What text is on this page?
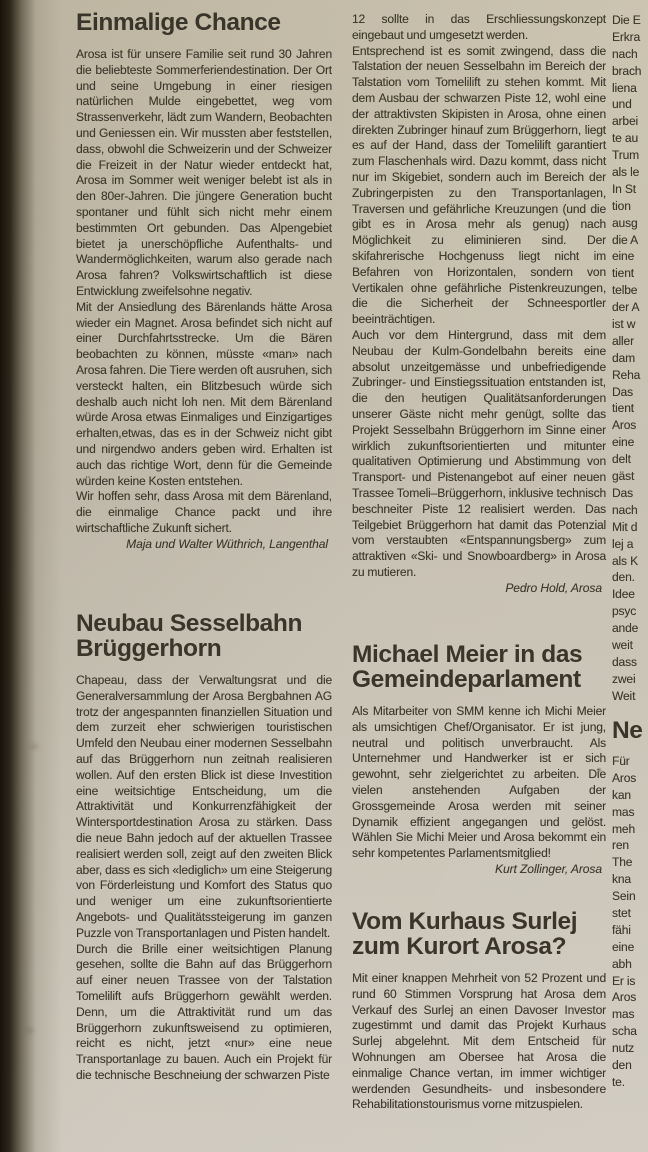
Einmalige Chance

Arosa ist für unsere Familie seit rund 30 Jahren die beliebteste Sommerferiendestination. Der Ort und seine Umgebung in einer riesigen natürlichen Mulde eingebettet, weg vom Strassenverkehr, lädt zum Wandern, Beobachten und Geniessen ein. Wir mussten aber feststellen, dass, obwohl die Schweizerin und der Schweizer die Freizeit in der Natur wieder entdeckt hat, Arosa im Sommer weit weniger belebt ist als in den 80er-Jahren. Die jüngere Generation bucht spontaner und fühlt sich nicht mehr einem bestimmten Ort gebunden. Das Alpengebiet bietet ja unerschöpfliche Aufenthalts- und Wandermöglichkeiten, warum also gerade nach Arosa fahren? Volkswirtschaftlich ist diese Entwicklung zweifelsohne negativ.

Mit der Ansiedlung des Bärenlands hätte Arosa wieder ein Magnet. Arosa befindet sich nicht auf einer Durchfahrtsstrecke. Um die Bären beobachten zu können, müsste «man» nach Arosa fahren. Die Tiere werden oft ausruhen, sich versteckt halten, ein Blitzbesuch würde sich deshalb auch nicht loh nen. Mit dem Bärenland würde Arosa etwas Einmaliges und Einzigartiges erhalten,etwas, das es in der Schweiz nicht gibt und nirgendwo anders geben wird. Erhalten ist auch das richtige Wort, denn für die Gemeinde würden keine Kosten entstehen.

Wir hoffen sehr, dass Arosa mit dem Bärenland, die einmalige Chance packt und ihre wirtschaftliche Zukunft sichert.

Maja und Walter Wüthrich, Langenthal

Neubau Sesselbahn Brüggerhorn

Chapeau, dass der Verwaltungsrat und die Generalversammlung der Arosa Bergbahnen AG trotz der angespannten finanziellen Situation und dem zurzeit eher schwierigen touristischen Umfeld den Neubau einer modernen Sesselbahn auf das Brüggerhorn nun zeitnah realisieren wollen. Auf den ersten Blick ist diese Investition eine weitsichtige Entscheidung, um die Attraktivität und Konkurrenzfähigkeit der Wintersportdestination Arosa zu stärken. Dass die neue Bahn jedoch auf der aktuellen Trassee realisiert werden soll, zeigt auf den zweiten Blick aber, dass es sich «lediglich» um eine Steigerung von Förderleistung und Komfort des Status quo und weniger um eine zukunftsorientierte Angebots- und Qualitätssteigerung im ganzen Puzzle von Transportanlagen und Pisten handelt.

Durch die Brille einer weitsichtigen Planung gesehen, sollte die Bahn auf das Brüggerhorn auf einer neuen Trassee von der Talstation Tomelilift aufs Brüggerhorn gewählt werden. Denn, um die Attraktivität rund um das Brüggerhorn zukunftsweisend zu optimieren, reicht es nicht, jetzt «nur» eine neue Transportanlage zu bauen. Auch ein Projekt für die technische Beschneiung der schwarzen Piste

12 sollte in das Erschliessungskonzept eingebaut und umgesetzt werden.

Entsprechend ist es somit zwingend, dass die Talstation der neuen Sesselbahn im Bereich der Talstation vom Tomelilift zu stehen kommt. Mit dem Ausbau der schwarzen Piste 12, wohl eine der attraktivsten Skipisten in Arosa, ohne einen direkten Zubringer hinauf zum Brüggerhorn, liegt es auf der Hand, dass der Tomelilift garantiert zum Flaschenhals wird. Dazu kommt, dass nicht nur im Skigebiet, sondern auch im Bereich der Zubringerpisten zu den Transportanlagen, Traversen und gefährliche Kreuzungen (und die gibt es in Arosa mehr als genug) nach Möglichkeit zu eliminieren sind. Der skifahrerische Hochgenuss liegt nicht im Befahren von Horizontalen, sondern von Vertikalen ohne gefährliche Pistenkreuzungen, die die Sicherheit der Schneesportler beeinträchtigen.

Auch vor dem Hintergrund, dass mit dem Neubau der Kulm-Gondelbahn bereits eine absolut unzeitgemässe und unbefriedigende Zubringer- und Einstiegssituation entstanden ist, die den heutigen Qualitätsanforderungen unserer Gäste nicht mehr genügt, sollte das Projekt Sesselbahn Brüggerhorn im Sinne einer wirklich zukunftsorientierten und mitunter qualitativen Optimierung und Abstimmung von Transport- und Pistenangebot auf einer neuen Trassee Tomeli–Brüggerhorn, inklusive technisch beschneiter Piste 12 realisiert werden. Das Teilgebiet Brüggerhorn hat damit das Potenzial vom verstaubten «Entspannungsberg» zum attraktiven «Ski- und Snowboardberg» in Arosa zu mutieren.

Pedro Hold, Arosa

Michael Meier in das Gemeindeparlament

Als Mitarbeiter von SMM kenne ich Michi Meier als umsichtigen Chef/Organisator. Er ist jung, neutral und politisch unverbraucht. Als Unternehmer und Handwerker ist er sich gewohnt, sehr zielgerichtet zu arbeiten. Die vielen anstehenden Aufgaben der Grossgemeinde Arosa werden mit seiner Dynamik effizient angegangen und gelöst. Wählen Sie Michi Meier und Arosa bekommt ein sehr kompetentes Parlamentsmitglied!

Kurt Zollinger, Arosa

Vom Kurhaus Surlej zum Kurort Arosa?

Mit einer knappen Mehrheit von 52 Prozent und rund 60 Stimmen Vorsprung hat Arosa dem Verkauf des Surlej an einen Davoser Investor zugestimmt und damit das Projekt Kurhaus Surlej abgelehnt. Mit dem Entscheid für Wohnungen am Obersee hat Arosa die einmalige Chance vertan, im immer wichtiger werdenden Gesundheits- und insbesondere Rehabilitationstourismus vorne mitzuspielen.

Die E
Erkra
nach
brach
liena
und
arbei
te au
Trum
als le
In St
tion
ausg
die A
eine
tient
telbe
der A
ist w
aller
dam
Reha
Das
tient
Aros
eine
delt
gäst
Das
nach
Mit d
lej a
als K
den.
Idee
psyc
ande
weit
dass
zwei
Weit
Ne
Für
Aros
kan
mas
meh
ren
The
kna
Sein
stet
fähi
eine
abh
Er is
Aros
mas
scha
nutz
den
te.
